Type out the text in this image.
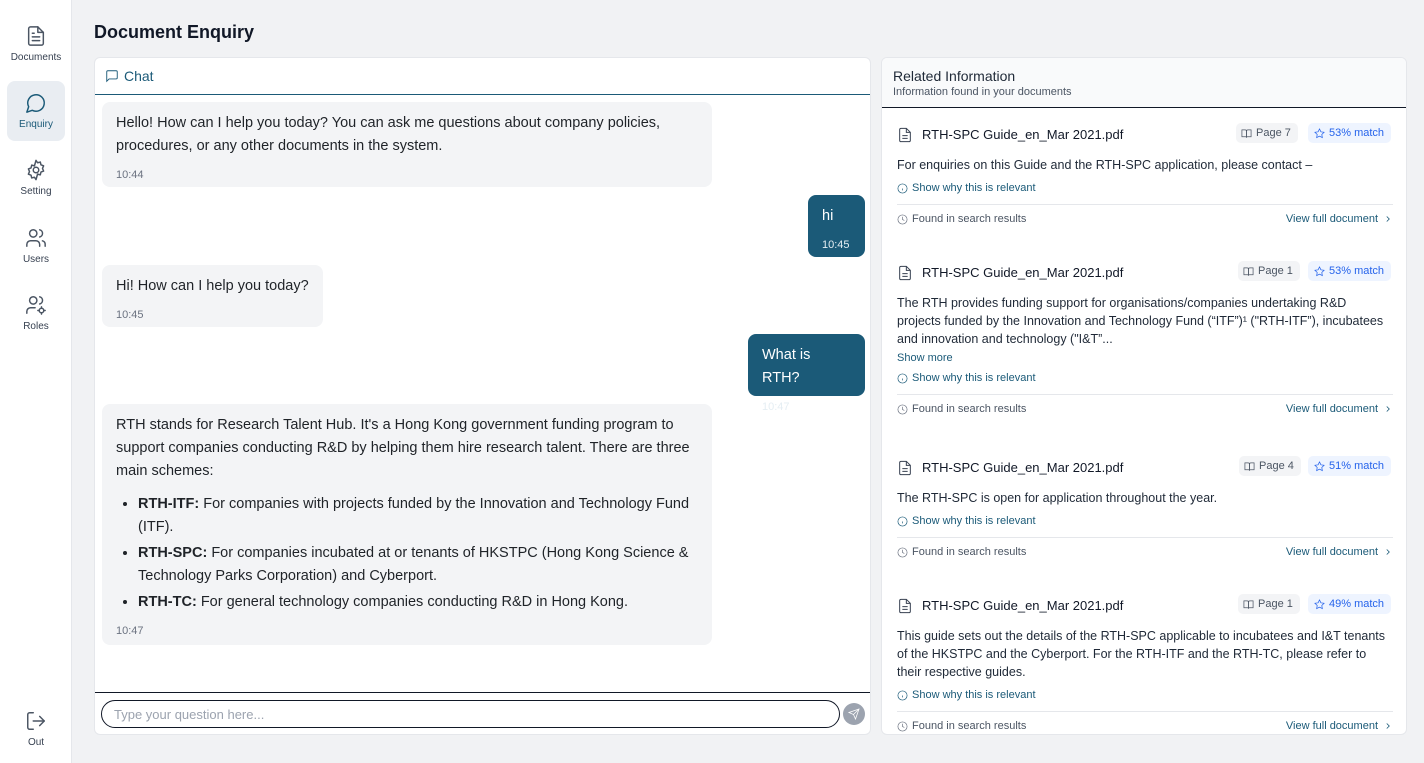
Documents
Enquiry
Setting
Users
Roles
Out
Document Enquiry
Chat
Hello! How can I help you today? You can ask me questions about company policies, procedures, or any other documents in the system.
10:44
hi
10:45
Hi! How can I help you today?
10:45
What is RTH?
10:47
RTH stands for Research Talent Hub. It's a Hong Kong government funding program to support companies conducting R&D by helping them hire research talent. There are three main schemes:
• RTH-ITF: For companies with projects funded by the Innovation and Technology Fund (ITF).
• RTH-SPC: For companies incubated at or tenants of HKSTPC (Hong Kong Science & Technology Parks Corporation) and Cyberport.
• RTH-TC: For general technology companies conducting R&D in Hong Kong.
10:47
Type your question here...
Related Information
Information found in your documents
RTH-SPC Guide_en_Mar 2021.pdf	Page 7	53% match
For enquiries on this Guide and the RTH-SPC application, please contact –
Show why this is relevant
Found in search results	View full document
RTH-SPC Guide_en_Mar 2021.pdf	Page 1	53% match
The RTH provides funding support for organisations/companies undertaking R&D projects funded by the Innovation and Technology Fund (“ITF”)¹ ("RTH-ITF”), incubatees and innovation and technology ("I&T”...
Show more
Show why this is relevant
Found in search results	View full document
RTH-SPC Guide_en_Mar 2021.pdf	Page 4	51% match
The RTH-SPC is open for application throughout the year.
Show why this is relevant
Found in search results	View full document
RTH-SPC Guide_en_Mar 2021.pdf	Page 1	49% match
This guide sets out the details of the RTH-SPC applicable to incubatees and I&T tenants of the HKSTPC and the Cyberport. For the RTH-ITF and the RTH-TC, please refer to their respective guides.
Show why this is relevant
Found in search results	View full document
